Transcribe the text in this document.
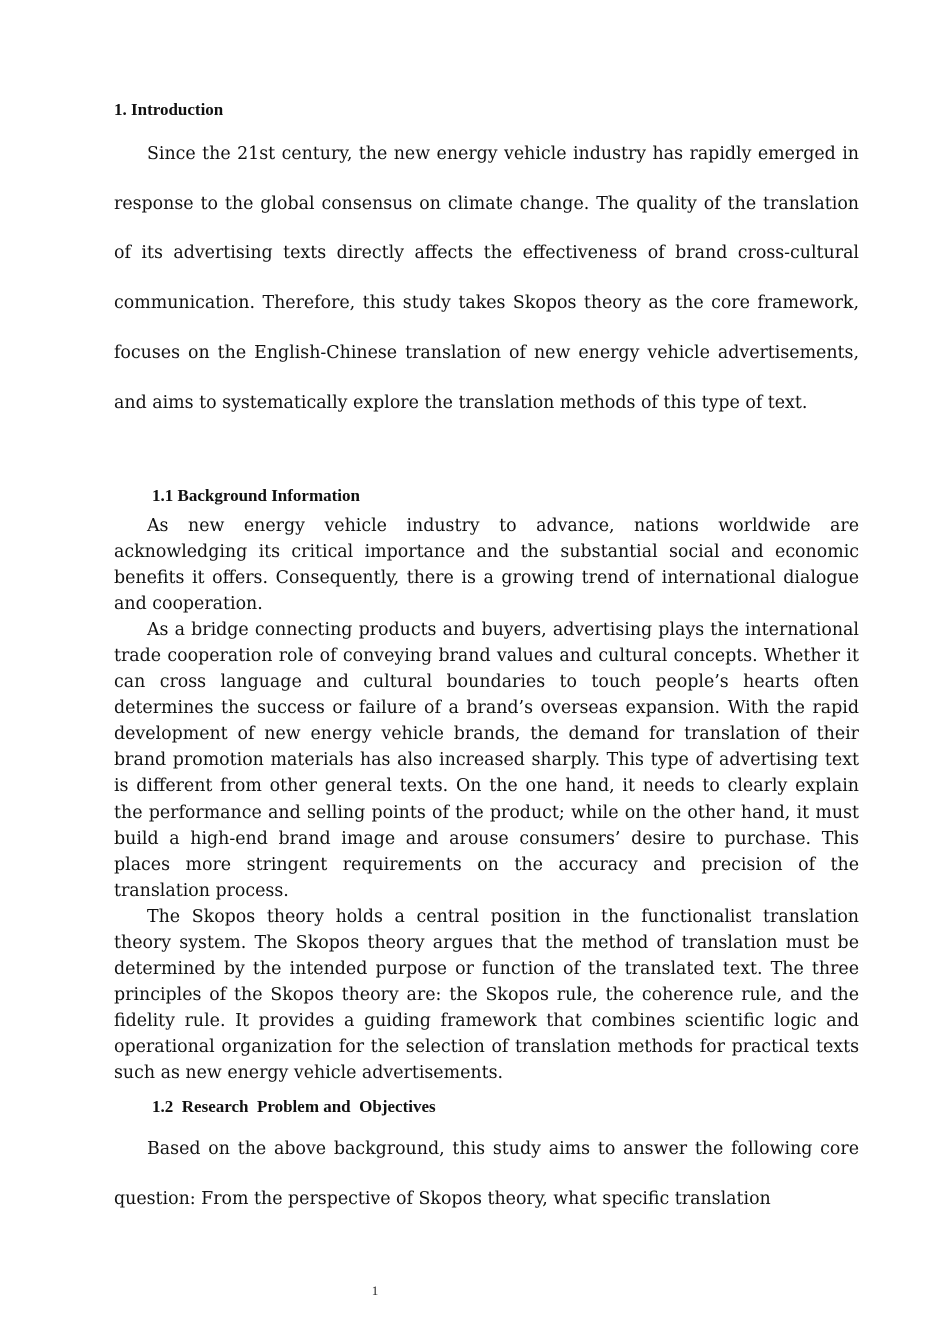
1. Introduction

Since the 21st century, the new energy vehicle industry has rapidly emerged in response to the global consensus on climate change. The quality of the translation of its advertising texts directly affects the effectiveness of brand cross-cultural communication. Therefore, this study takes Skopos theory as the core framework, focuses on the English-Chinese translation of new energy vehicle advertisements, and aims to systematically explore the translation methods of this type of text.

1.1 Background Information

As new energy vehicle industry to advance, nations worldwide are acknowledging its critical importance and the substantial social and economic benefits it offers. Consequently, there is a growing trend of international dialogue and cooperation.

As a bridge connecting products and buyers, advertising plays the international trade cooperation role of conveying brand values and cultural concepts. Whether it can cross language and cultural boundaries to touch people’s hearts often determines the success or failure of a brand’s overseas expansion. With the rapid development of new energy vehicle brands, the demand for translation of their brand promotion materials has also increased sharply. This type of advertising text is different from other general texts. On the one hand, it needs to clearly explain the performance and selling points of the product; while on the other hand, it must build a high-end brand image and arouse consumers’ desire to purchase. This places more stringent requirements on the accuracy and precision of the translation process.

The Skopos theory holds a central position in the functionalist translation theory system. The Skopos theory argues that the method of translation must be determined by the intended purpose or function of the translated text. The three principles of the Skopos theory are: the Skopos rule, the coherence rule, and the fidelity rule. It provides a guiding framework that combines scientific logic and operational organization for the selection of translation methods for practical texts such as new energy vehicle advertisements.

1.2  Research  Problem and  Objectives

Based on the above background, this study aims to answer the following core question: From the perspective of Skopos theory, what specific translation

1
